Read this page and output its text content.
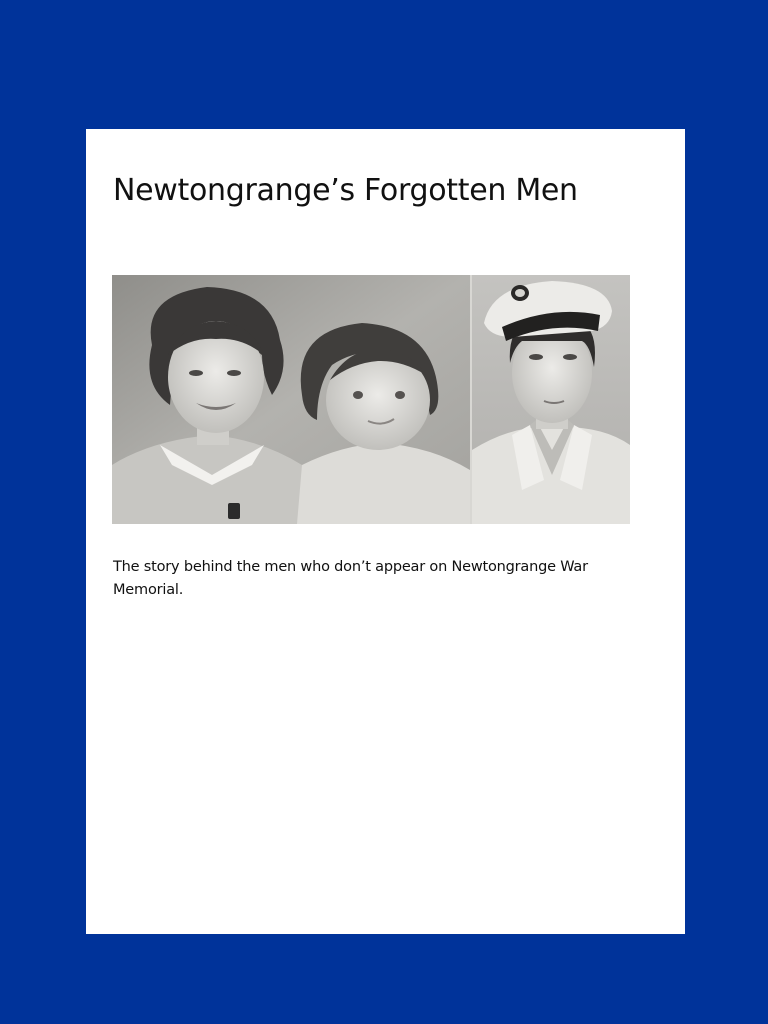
Newtongrange’s Forgotten Men

The story behind the men who don’t appear on Newtongrange War Memorial.
